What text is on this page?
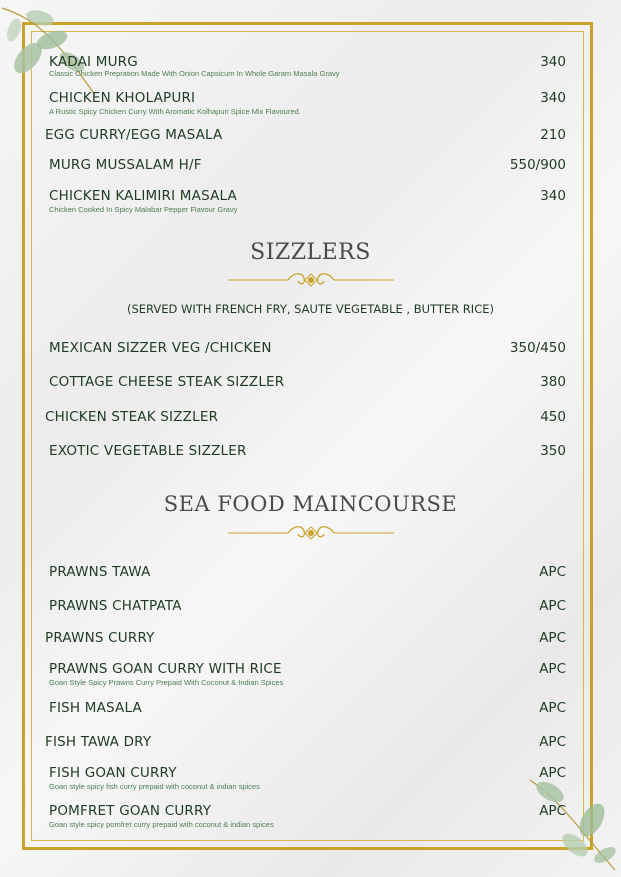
KADAI MURG	340
Classic Chicken Prepration Made With Onion Capsicum In Whole Garam Masala Gravy
CHICKEN KHOLAPURI	340
A Rustic Spicy Chicken Curry With Aromatic Kolhapuri Spice Mix Flavoured.
EGG CURRY/EGG MASALA	210
MURG MUSSALAM H/F	550/900
CHICKEN KALIMIRI MASALA	340
Chicken Cooked In Spicy Malabar Pepper Flavour Gravy
SIZZLERS
(SERVED WITH FRENCH FRY, SAUTE VEGETABLE , BUTTER RICE)
MEXICAN SIZZER VEG /CHICKEN	350/450
COTTAGE CHEESE STEAK SIZZLER	380
CHICKEN STEAK SIZZLER	450
EXOTIC VEGETABLE SIZZLER	350
SEA FOOD MAINCOURSE
PRAWNS TAWA	APC
PRAWNS CHATPATA	APC
PRAWNS CURRY	APC
PRAWNS GOAN CURRY WITH RICE	APC
Goan Style Spicy Prawns Curry Prepaid With Coconut & Indian Spices
FISH MASALA	APC
FISH TAWA DRY	APC
FISH GOAN CURRY	APC
Goan style spicy fish curry prepaid with coconut & indian spices
POMFRET GOAN CURRY	APC
Goan style spicy pomfret curry prepaid with coconut & indian spices
